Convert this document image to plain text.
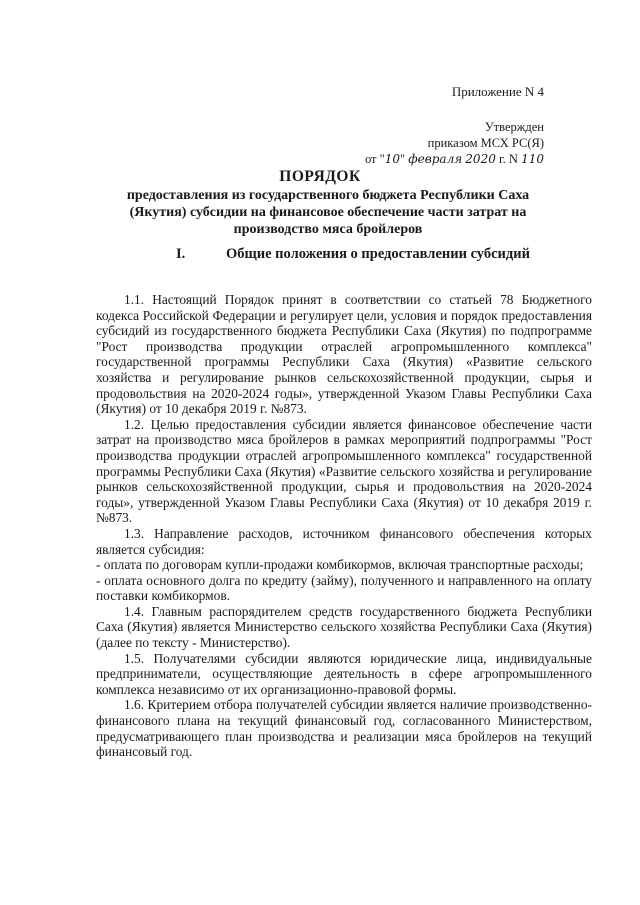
Приложение N 4
Утвержден
приказом МСХ РС(Я)
от "10" февраля 2020 г. N 110
ПОРЯДОК
предоставления из государственного бюджета Республики Саха (Якутия) субсидии на финансовое обеспечение части затрат на производство мяса бройлеров
I.	Общие положения о предоставлении субсидий

1.1. Настоящий Порядок принят в соответствии со статьей 78 Бюджетного кодекса Российской Федерации и регулирует цели, условия и порядок предоставления субсидий из государственного бюджета Республики Саха (Якутия) по подпрограмме "Рост производства продукции отраслей агропромышленного комплекса" государственной программы Республики Саха (Якутия) «Развитие сельского хозяйства и регулирование рынков сельскохозяйственной продукции, сырья и продовольствия на 2020-2024 годы», утвержденной Указом Главы Республики Саха (Якутия) от 10 декабря 2019 г. №873.

1.2. Целью предоставления субсидии является финансовое обеспечение части затрат на производство мяса бройлеров в рамках мероприятий подпрограммы "Рост производства продукции отраслей агропромышленного комплекса" государственной программы Республики Саха (Якутия) «Развитие сельского хозяйства и регулирование рынков сельскохозяйственной продукции, сырья и продовольствия на 2020-2024 годы», утвержденной Указом Главы Республики Саха (Якутия) от 10 декабря 2019 г. №873.

1.3. Направление расходов, источником финансового обеспечения которых является субсидия:

- оплата по договорам купли-продажи комбикормов, включая транспортные расходы;

- оплата основного долга по кредиту (займу), полученного и направленного на оплату поставки комбикормов.

1.4. Главным распорядителем средств государственного бюджета Республики Саха (Якутия) является Министерство сельского хозяйства Республики Саха (Якутия) (далее по тексту - Министерство).

1.5. Получателями субсидии являются юридические лица, индивидуальные предприниматели, осуществляющие деятельность в сфере агропромышленного комплекса независимо от их организационно-правовой формы.

1.6. Критерием отбора получателей субсидии является наличие производственно-финансового плана на текущий финансовый год, согласованного Министерством, предусматривающего план производства и реализации мяса бройлеров на текущий финансовый год.
